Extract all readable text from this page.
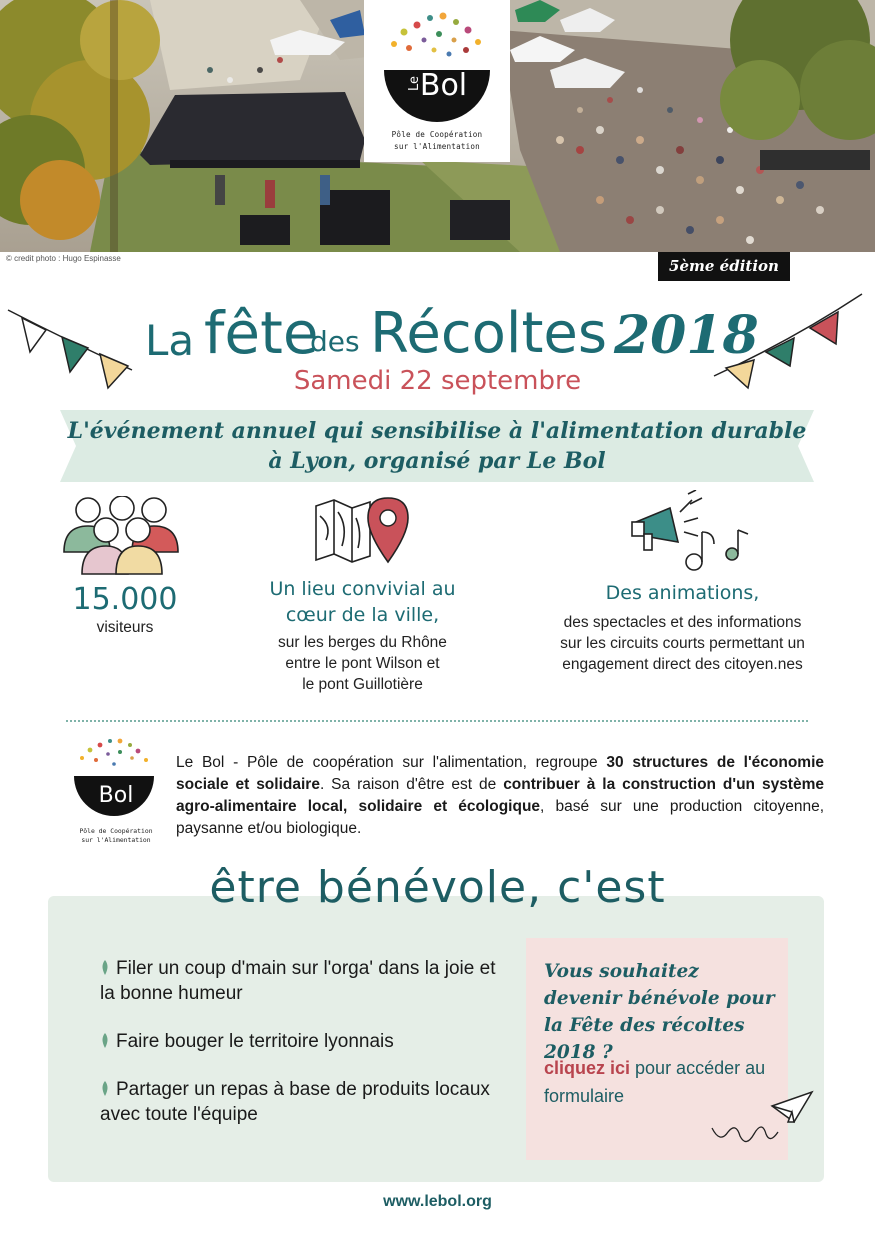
LeBol
Pôle de Coopération
sur l'Alimentation
© credit photo : Hugo Espinasse	5ème édition
La fête
des Récoltes 2018
Samedi 22 septembre
L'événement annuel qui sensibilise à l'alimentation durable
à Lyon, organisé par Le Bol
15.000
visiteurs
Un lieu convivial au
cœur de la ville,
sur les berges du Rhône
entre le pont Wilson et
le pont Guillotière
Des animations,
des spectacles et des informations
sur les circuits courts permettant un
engagement direct des citoyen.nes
Bol
Pôle de Coopération
sur l'Alimentation
Le Bol - Pôle de coopération sur l'alimentation, regroupe 30 structures de l'économie sociale et solidaire. Sa raison d'être est de contribuer à la construction d'un système agro-alimentaire local, solidaire et écologique, basé sur une production citoyenne, paysanne et/ou biologique.
être bénévole, c'est
Filer un coup d'main sur l'orga' dans la joie et la bonne humeur
Faire bouger le territoire lyonnais
Partager un repas à base de produits locaux avec toute l'équipe
Vous souhaitez devenir bénévole pour la Fête des récoltes 2018 ?
cliquez ici pour accéder au formulaire
www.lebol.org
